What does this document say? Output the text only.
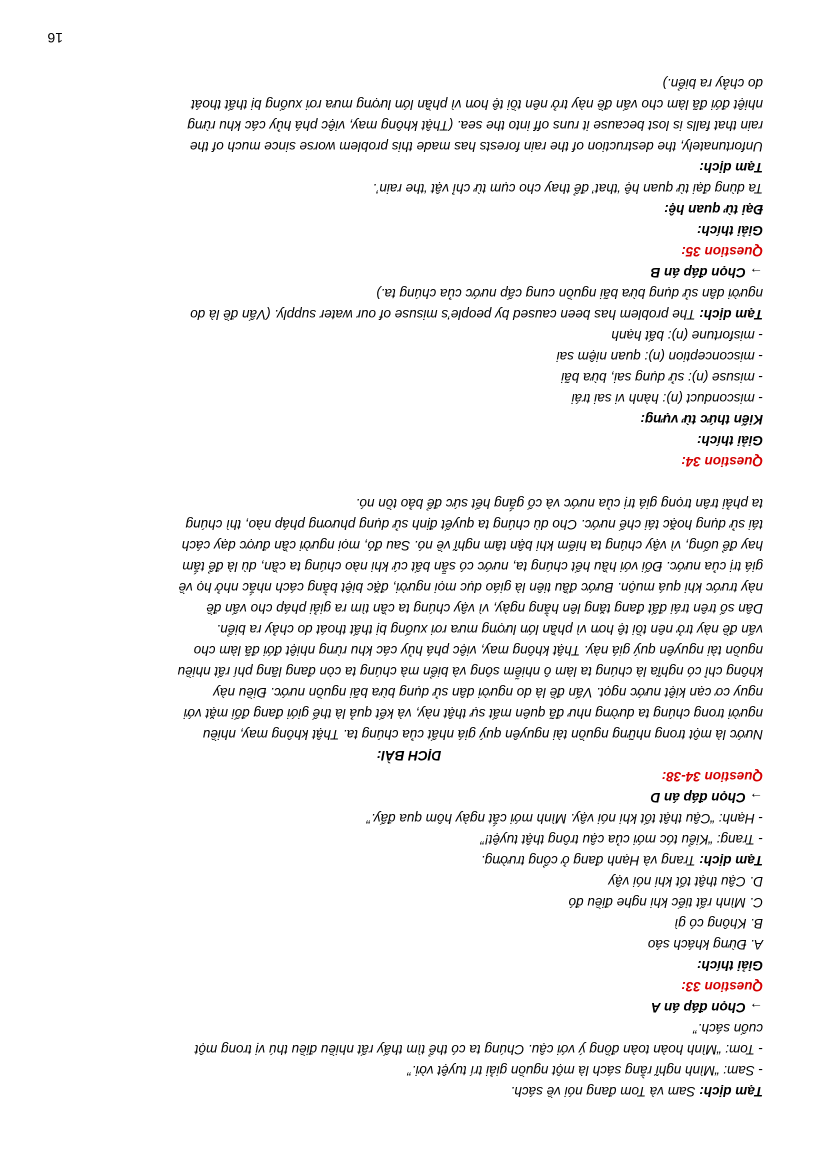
Tạm dịch: Sam và Tom đang nói về sách.
- Sam: “Mình nghĩ rằng sách là một nguồn giải trí tuyệt vời.”
- Tom: “Mình hoàn toàn đồng ý với cậu. Chúng ta có thể tìm thấy rất nhiều điều thú vị trong một
cuốn sách.”
→ Chọn đáp án A
Question 33:
Giải thích:
A. Đừng khách sáo
B. Không có gì
C. Mình rất tiếc khi nghe điều đó
D. Cậu thật tốt khi nói vậy
Tạm dịch: Trang và Hạnh đang ở cổng trường.
- Trang: “Kiểu tóc mới của cậu trông thật tuyệt!”
- Hạnh: “Cậu thật tốt khi nói vậy. Mình mới cắt ngày hôm qua đấy.”
→ Chọn đáp án D
Question 34-38:
DỊCH BÀI:
Nước là một trong những nguồn tài nguyên quý giá nhất của chúng ta. Thật không may, nhiều
người trong chúng ta dường như đã quên mất sự thật này, và kết quả là thế giới đang đối mặt với
nguy cơ cạn kiệt nước ngọt. Vấn đề là do người dân sử dụng bừa bãi nguồn nước. Điều này
không chỉ có nghĩa là chúng ta làm ô nhiễm sông và biển mà chúng ta còn đang lãng phí rất nhiều
nguồn tài nguyên quý giá này. Thật không may, việc phá hủy các khu rừng nhiệt đới đã làm cho
vấn đề này trở nên tồi tệ hơn vì phần lớn lượng mưa rơi xuống bị thất thoát do chảy ra biển.
Dân số trên trái đất đang tăng lên hằng ngày, vì vậy chúng ta cần tìm ra giải pháp cho vấn đề
này trước khi quá muộn. Bước đầu tiên là giáo dục mọi người, đặc biệt bằng cách nhắc nhở họ về
giá trị của nước. Đối với hầu hết chúng ta, nước có sẵn bất cứ khi nào chúng ta cần, dù là để tắm
hay để uống, vì vậy chúng ta hiếm khi bận tâm nghĩ về nó. Sau đó, mọi người cần được dạy cách
tái sử dụng hoặc tái chế nước. Cho dù chúng ta quyết định sử dụng phương pháp nào, thì chúng
ta phải trân trọng giá trị của nước và cố gắng hết sức để bảo tồn nó.
Question 34:
Giải thích:
Kiến thức từ vựng:
- misconduct (n): hành vi sai trái
- misuse (n): sử dụng sai, bừa bãi
- misconception (n): quan niệm sai
- misfortune (n): bất hạnh
Tạm dịch: The problem has been caused by people’s misuse of our water supply. (Vấn đề là do
người dân sử dụng bừa bãi nguồn cung cấp nước của chúng ta.)
→ Chọn đáp án B
Question 35:
Giải thích:
Đại từ quan hệ:
Ta dùng đại từ quan hệ ‘that’ để thay cho cụm từ chỉ vật ‘the rain’.
Tạm dịch:
Unfortunately, the destruction of the rain forests has made this problem worse since much of the
rain that falls is lost because it runs off into the sea. (Thật không may, việc phá hủy các khu rừng
nhiệt đới đã làm cho vấn đề này trở nên tồi tệ hơn vì phần lớn lượng mưa rơi xuống bị thất thoát
do chảy ra biển.)
16
